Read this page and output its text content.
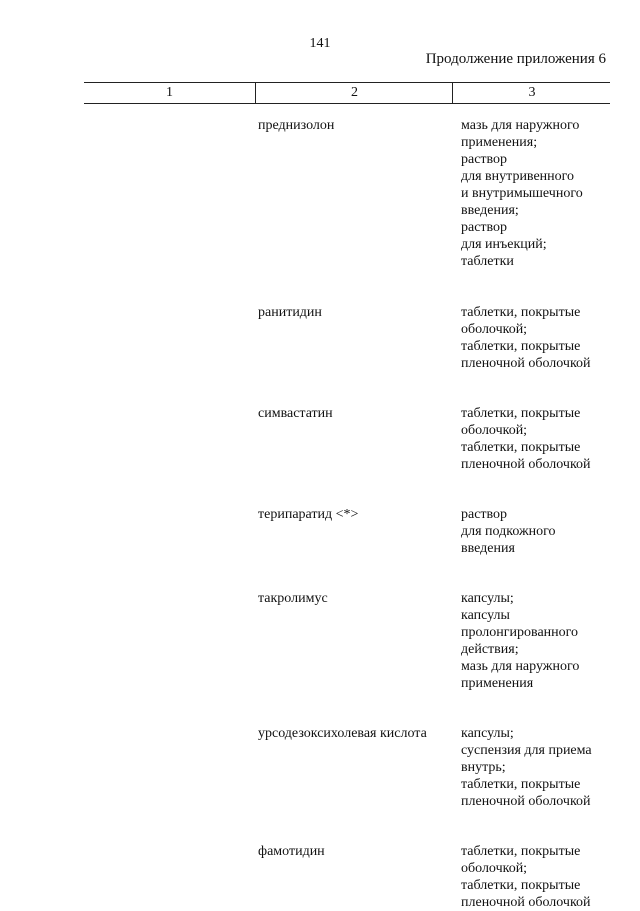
141
Продолжение приложения 6
1	2	3
преднизолон	мазь для наружного
применения;
раствор
для внутривенного
и внутримышечного
введения;
раствор
для инъекций;
таблетки
ранитидин	таблетки, покрытые
оболочкой;
таблетки, покрытые
пленочной оболочкой
симвастатин	таблетки, покрытые
оболочкой;
таблетки, покрытые
пленочной оболочкой
терипаратид <*>	раствор
для подкожного
введения
такролимус	капсулы;
капсулы
пролонгированного
действия;
мазь для наружного
применения
урсодезоксихолевая кислота капсулы;
суспензия для приема
внутрь;
таблетки, покрытые
пленочной оболочкой
фамотидин	таблетки, покрытые
оболочкой;
таблетки, покрытые
пленочной оболочкой
